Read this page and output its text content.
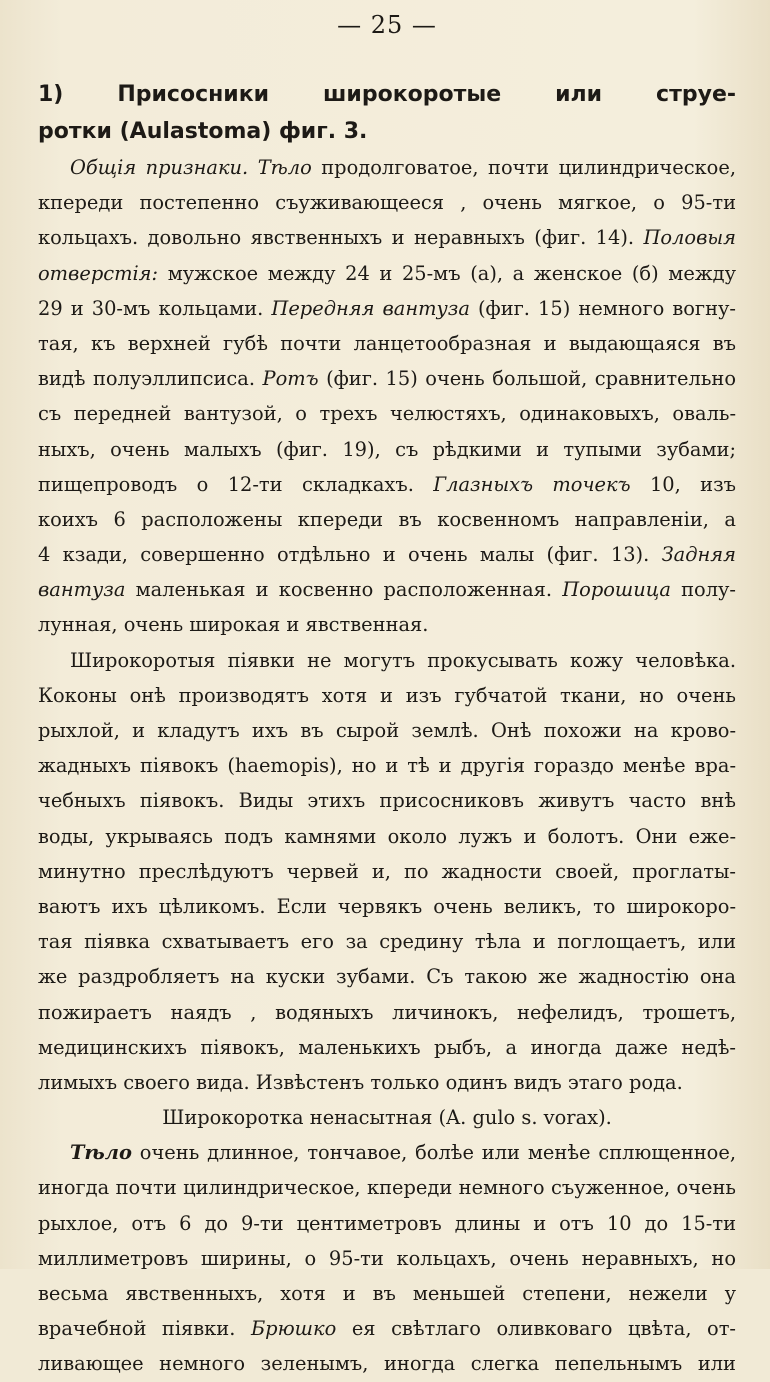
— 25 —
1) Присосники широкоротые или струе-
ротки (Aulastoma) фиг. 3.
Общія признаки. Тѣло продолговатое, почти цилиндрическое,
кпереди постепенно съуживающееся , очень мягкое, о 95-ти
кольцахъ. довольно явственныхъ и неравныхъ (фиг. 14). Половыя
отверстія: мужское между 24 и 25-мъ (а), а женское (б) между
29 и 30-мъ кольцами. Передняя вантуза (фиг. 15) немного вогну-
тая, къ верхней губѣ почти ланцетообразная и выдающаяся въ
видѣ полуэллипсиса. Ротъ (фиг. 15) очень большой, сравнительно
съ передней вантузой, о трехъ челюстяхъ, одинаковыхъ, оваль-
ныхъ, очень малыхъ (фиг. 19), съ рѣдкими и тупыми зубами;
пищепроводъ о 12-ти складкахъ. Глазныхъ точекъ 10, изъ
коихъ 6 расположены кпереди въ косвенномъ направленіи, а
4 кзади, совершенно отдѣльно и очень малы (фиг. 13). Задняя
вантуза маленькая и косвенно расположенная. Порошица полу-
лунная, очень широкая и явственная.
Широкоротыя піявки не могутъ прокусывать кожу человѣка.
Коконы онѣ производятъ хотя и изъ губчатой ткани, но очень
рыхлой, и кладутъ ихъ въ сырой землѣ. Онѣ похожи на крово-
жадныхъ піявокъ (haemopis), но и тѣ и другія гораздо менѣе вра-
чебныхъ піявокъ. Виды этихъ присосниковъ живутъ часто внѣ
воды, укрываясь подъ камнями около лужъ и болотъ. Они еже-
минутно преслѣдуютъ червей и, по жадности своей, проглаты-
ваютъ ихъ цѣликомъ. Если червякъ очень великъ, то широкоро-
тая піявка схватываетъ его за средину тѣла и поглощаетъ, или
же раздробляетъ на куски зубами. Съ такою же жадностію она
пожираетъ наядъ , водяныхъ личинокъ, нефелидъ, трошетъ,
медицинскихъ піявокъ, маленькихъ рыбъ, а иногда даже недѣ-
лимыхъ своего вида. Извѣстенъ только одинъ видъ этаго рода.
Широкоротка ненасытная (A. gulo s. vorax).
Тѣло очень длинное, тончавое, болѣе или менѣе сплющенное,
иногда почти цилиндрическое, кпереди немного съуженное, очень
рыхлое, отъ 6 до 9-ти центиметровъ длины и отъ 10 до 15-ти
миллиметровъ ширины, о 95-ти кольцахъ, очень неравныхъ, но
весьма явственныхъ, хотя и въ меньшей степени, нежели у
врачебной піявки. Брюшко ея свѣтлаго оливковаго цвѣта, от-
ливающее немного зеленымъ, иногда слегка пепельнымъ или
